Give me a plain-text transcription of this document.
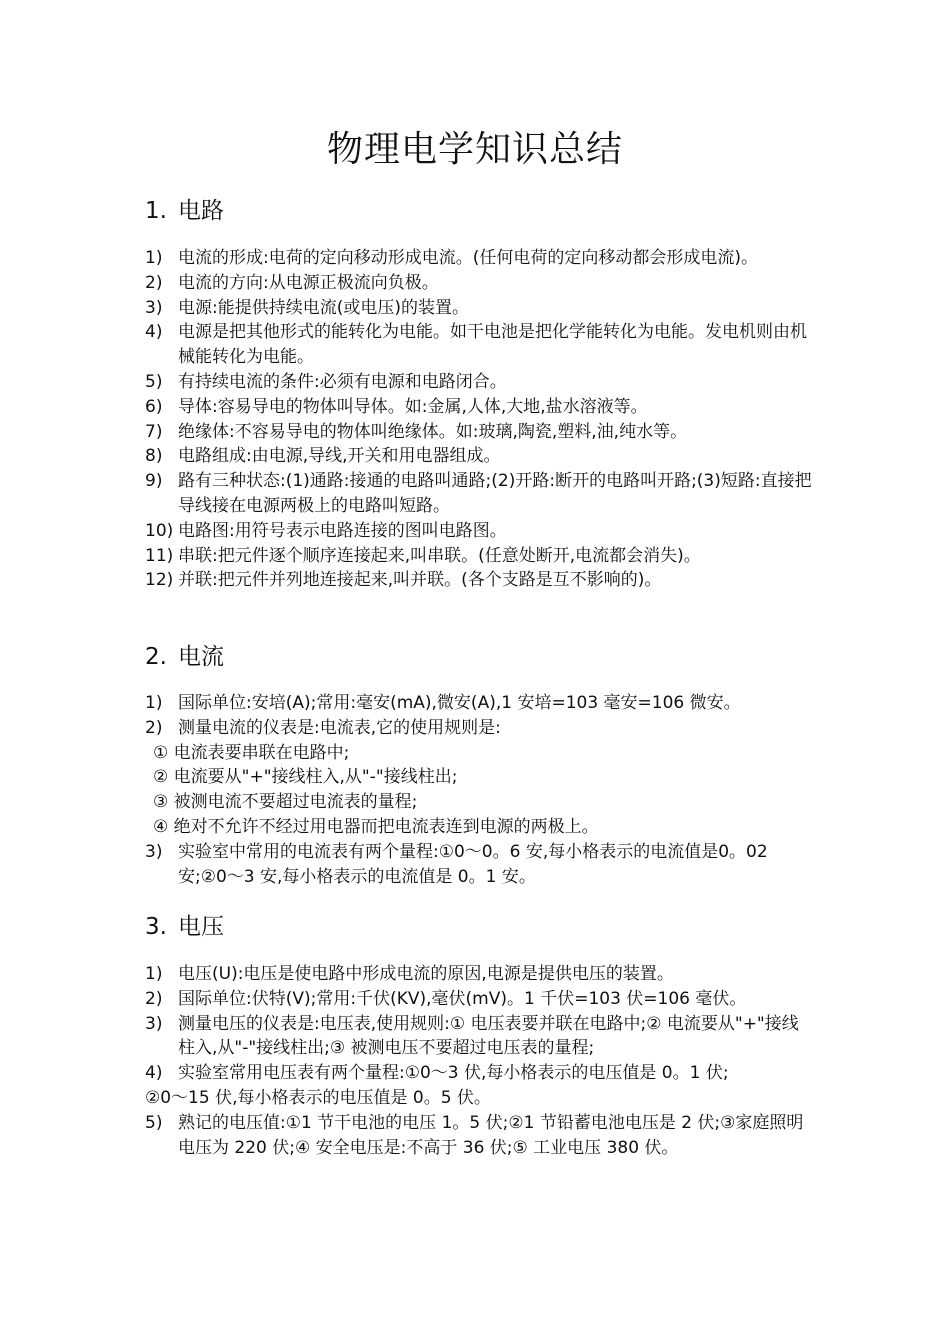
物理电学知识总结
1. 电路
1) 电流的形成:电荷的定向移动形成电流。(任何电荷的定向移动都会形成电流)。
2) 电流的方向:从电源正极流向负极。
3) 电源:能提供持续电流(或电压)的装置。
4) 电源是把其他形式的能转化为电能。如干电池是把化学能转化为电能。发电机则由机械能转化为电能。
5) 有持续电流的条件:必须有电源和电路闭合。
6) 导体:容易导电的物体叫导体。如:金属,人体,大地,盐水溶液等。
7) 绝缘体:不容易导电的物体叫绝缘体。如:玻璃,陶瓷,塑料,油,纯水等。
8) 电路组成:由电源,导线,开关和用电器组成。
9) 路有三种状态:(1)通路:接通的电路叫通路;(2)开路:断开的电路叫开路;(3)短路:直接把导线接在电源两极上的电路叫短路。
10) 电路图:用符号表示电路连接的图叫电路图。
11) 串联:把元件逐个顺序连接起来,叫串联。(任意处断开,电流都会消失)。
12) 并联:把元件并列地连接起来,叫并联。(各个支路是互不影响的)。
2. 电流
1) 国际单位:安培(A);常用:毫安(mA),微安(A),1 安培=103 毫安=106 微安。
2) 测量电流的仪表是:电流表,它的使用规则是:
① 电流表要串联在电路中;
② 电流要从"+"接线柱入,从"-"接线柱出;
③ 被测电流不要超过电流表的量程;
④ 绝对不允许不经过用电器而把电流表连到电源的两极上。
3) 实验室中常用的电流表有两个量程:①0～0。6 安,每小格表示的电流值是0。02 安;②0～3 安,每小格表示的电流值是 0。1 安。
3. 电压
1) 电压(U):电压是使电路中形成电流的原因,电源是提供电压的装置。
2) 国际单位:伏特(V);常用:千伏(KV),毫伏(mV)。1 千伏=103 伏=106 毫伏。
3) 测量电压的仪表是:电压表,使用规则:① 电压表要并联在电路中;② 电流要从"+"接线柱入,从"-"接线柱出;③ 被测电压不要超过电压表的量程;
4) 实验室常用电压表有两个量程:①0～3 伏,每小格表示的电压值是 0。1 伏;
②0～15 伏,每小格表示的电压值是 0。5 伏。
5) 熟记的电压值:①1 节干电池的电压 1。5 伏;②1 节铅蓄电池电压是 2 伏;③家庭照明电压为 220 伏;④ 安全电压是:不高于 36 伏;⑤ 工业电压 380 伏。
